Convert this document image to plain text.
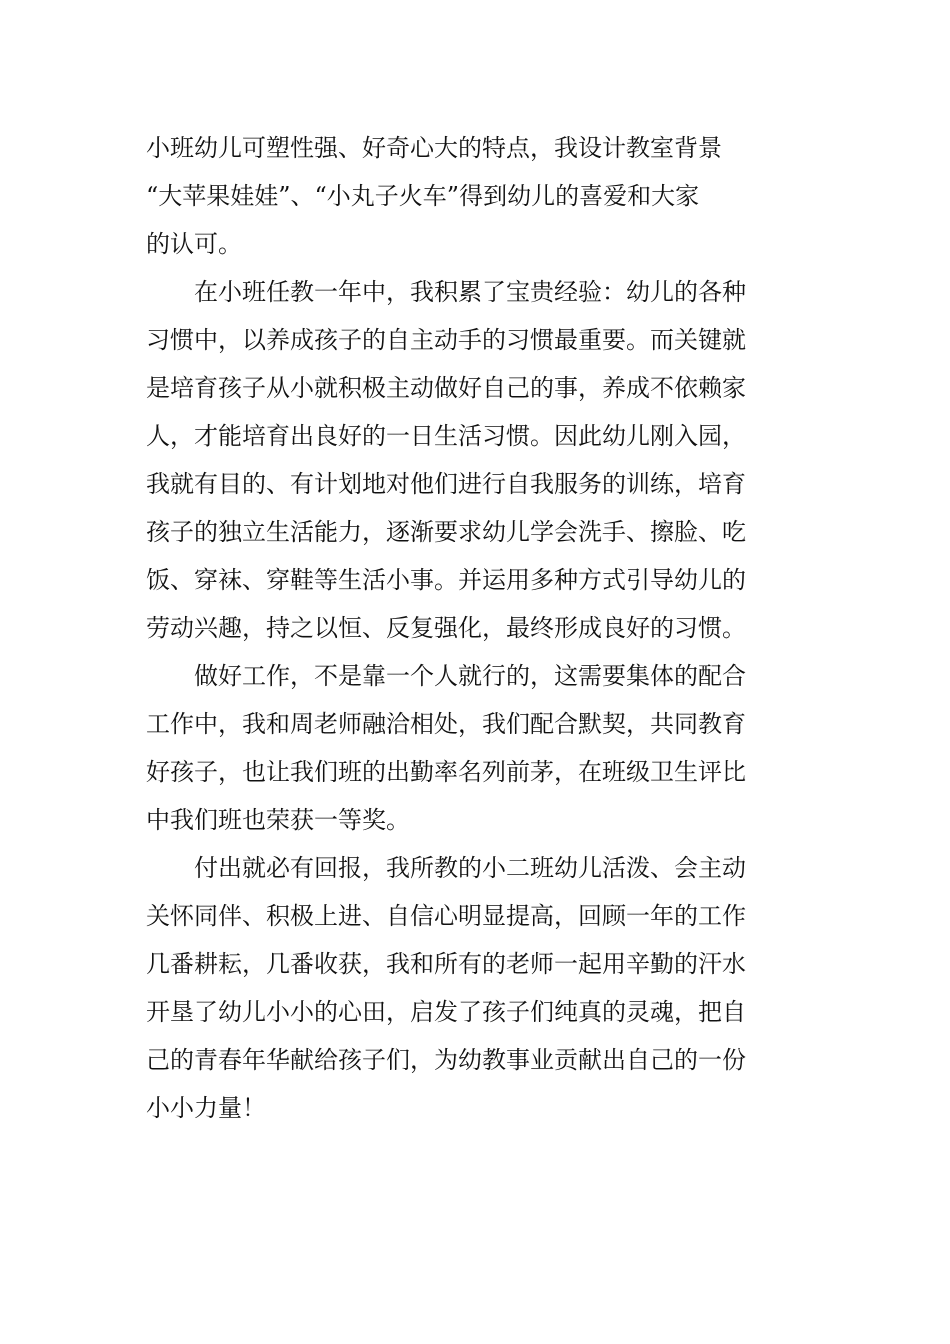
小班幼儿可塑性强、好奇心大的特点，我设计教室背景
“大苹果娃娃”、“小丸子火车”得到幼儿的喜爱和大家
的认可。
　　在小班任教一年中，我积累了宝贵经验：幼儿的各种
习惯中，以养成孩子的自主动手的习惯最重要。而关键就
是培育孩子从小就积极主动做好自己的事，养成不依赖家
人，才能培育出良好的一日生活习惯。因此幼儿刚入园，
我就有目的、有计划地对他们进行自我服务的训练，培育
孩子的独立生活能力，逐渐要求幼儿学会洗手、擦脸、吃
饭、穿袜、穿鞋等生活小事。并运用多种方式引导幼儿的
劳动兴趣，持之以恒、反复强化，最终形成良好的习惯。
　　做好工作，不是靠一个人就行的，这需要集体的配合
工作中，我和周老师融洽相处，我们配合默契，共同教育
好孩子，也让我们班的出勤率名列前茅，在班级卫生评比
中我们班也荣获一等奖。
　　付出就必有回报，我所教的小二班幼儿活泼、会主动
关怀同伴、积极上进、自信心明显提高，回顾一年的工作
几番耕耘，几番收获，我和所有的老师一起用辛勤的汗水
开垦了幼儿小小的心田，启发了孩子们纯真的灵魂，把自
己的青春年华献给孩子们，为幼教事业贡献出自己的一份
小小力量！
